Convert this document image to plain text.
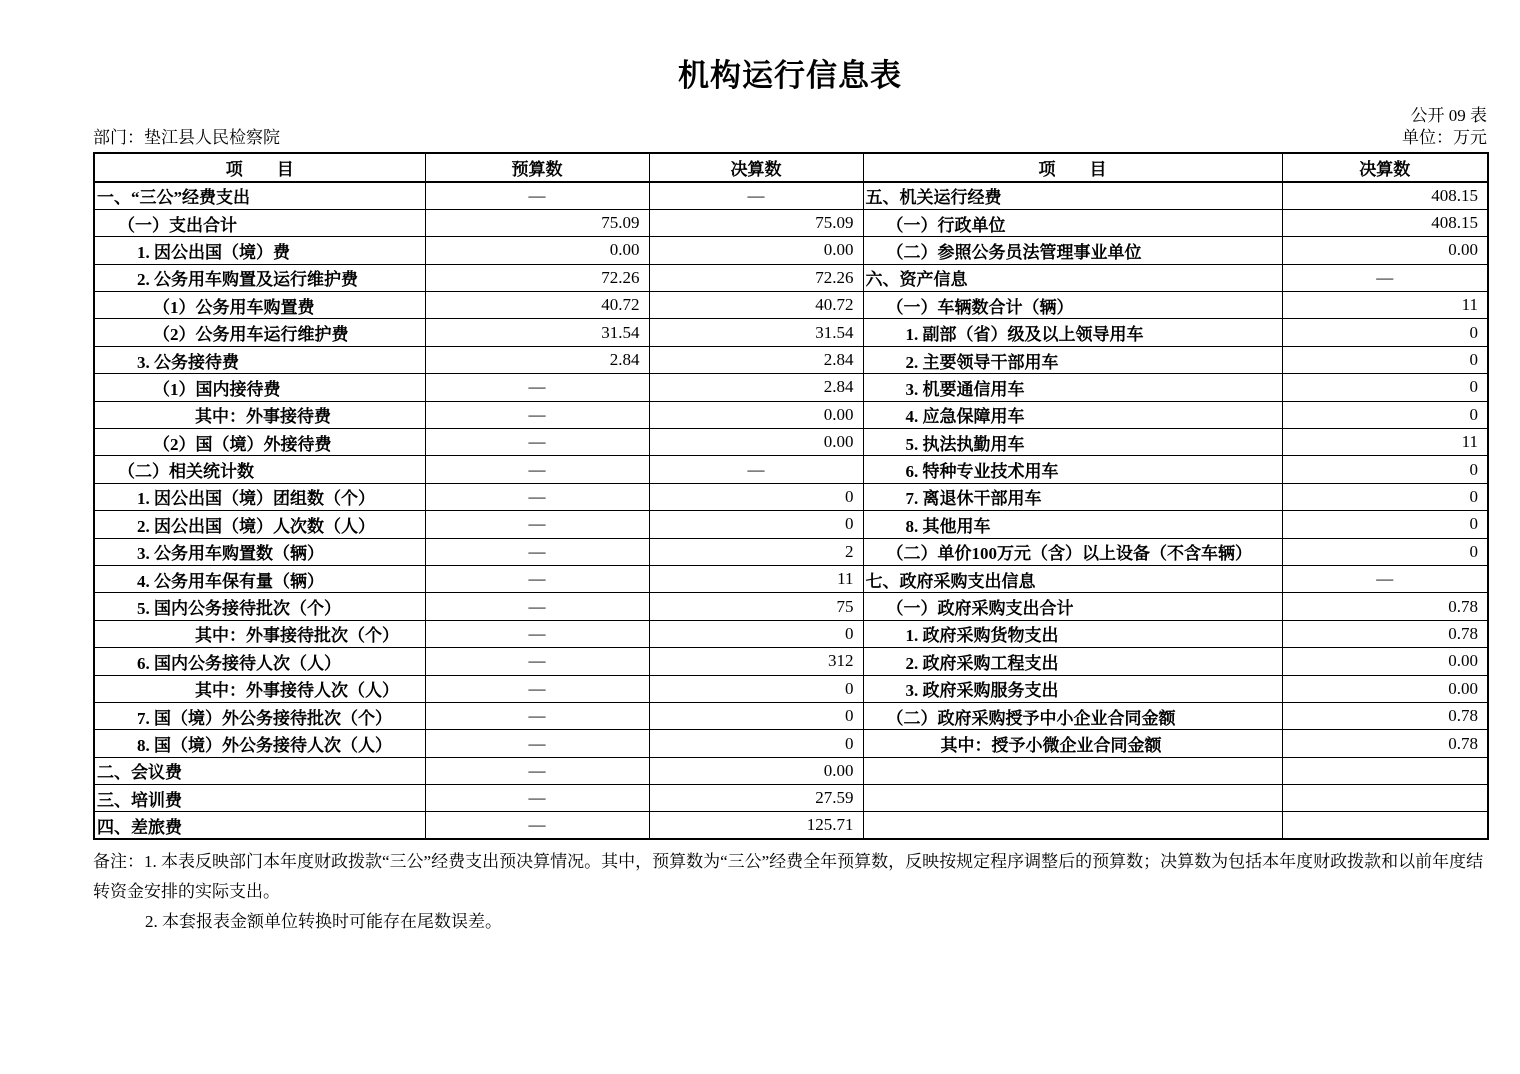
机构运行信息表
公开 09 表
部门：垫江县人民检察院	单位：万元
项　　目	预算数	决算数	项　　目	决算数
一、“三公”经费支出	—	—	五、机关运行经费	408.15
（一）支出合计	75.09	75.09	（一）行政单位	408.15
1. 因公出国（境）费	0.00	0.00	（二）参照公务员法管理事业单位	0.00
2. 公务用车购置及运行维护费	72.26	72.26	六、资产信息	—
（1）公务用车购置费	40.72	40.72	（一）车辆数合计（辆）	11
（2）公务用车运行维护费	31.54	31.54	1. 副部（省）级及以上领导用车	0
3. 公务接待费	2.84	2.84	2. 主要领导干部用车	0
（1）国内接待费	—	2.84	3. 机要通信用车	0
其中：外事接待费	—	0.00	4. 应急保障用车	0
（2）国（境）外接待费	—	0.00	5. 执法执勤用车	11
（二）相关统计数	—	—	6. 特种专业技术用车	0
1. 因公出国（境）团组数（个）	—	0	7. 离退休干部用车	0
2. 因公出国（境）人次数（人）	—	0	8. 其他用车	0
3. 公务用车购置数（辆）	—	2	（二）单价100万元（含）以上设备（不含车辆）	0
4. 公务用车保有量（辆）	—	11	七、政府采购支出信息	—
5. 国内公务接待批次（个）	—	75	（一）政府采购支出合计	0.78
其中：外事接待批次（个）	—	0	1. 政府采购货物支出	0.78
6. 国内公务接待人次（人）	—	312	2. 政府采购工程支出	0.00
其中：外事接待人次（人）	—	0	3. 政府采购服务支出	0.00
7. 国（境）外公务接待批次（个）	—	0	（二）政府采购授予中小企业合同金额	0.78
8. 国（境）外公务接待人次（人）	—	0	其中：授予小微企业合同金额	0.78
二、会议费	—	0.00		
三、培训费	—	27.59		
四、差旅费	—	125.71		
备注：1. 本表反映部门本年度财政拨款“三公”经费支出预决算情况。其中，预算数为“三公”经费全年预算数，反映按规定程序调整后的预算数；决算数为包括本年度财政拨款和以前年度结转资金安排的实际支出。
2. 本套报表金额单位转换时可能存在尾数误差。
